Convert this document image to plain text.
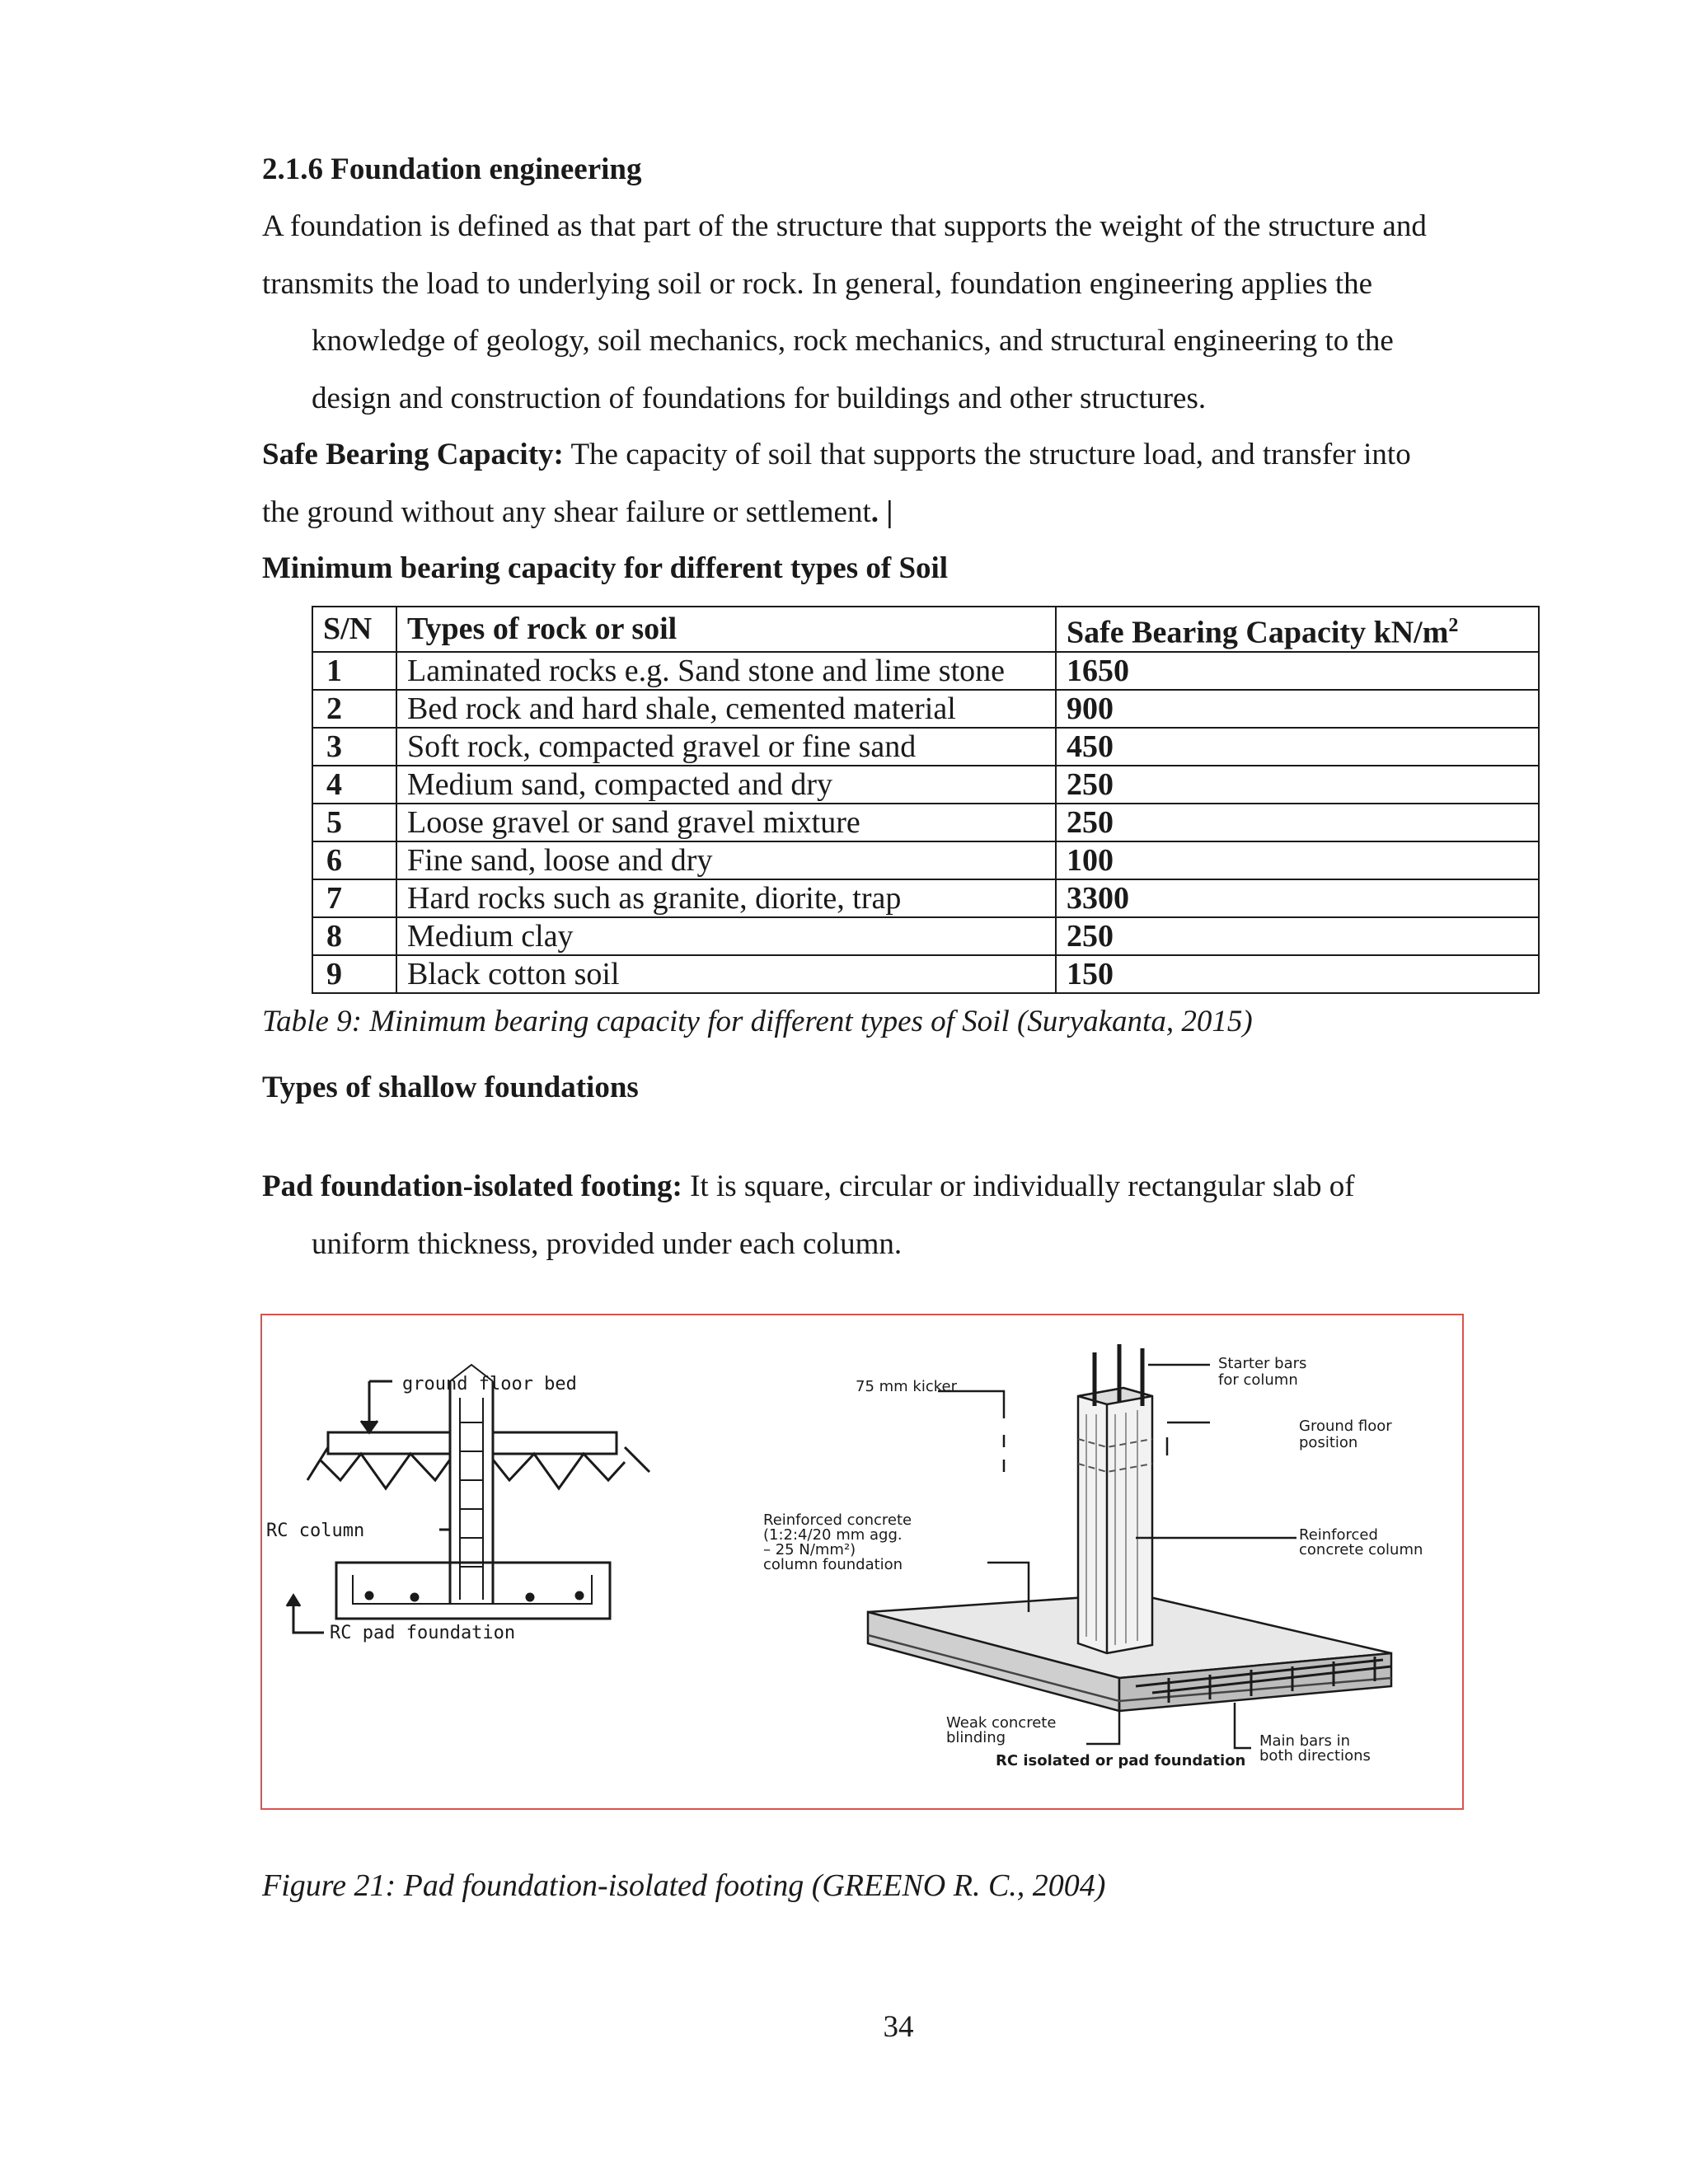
2.1.6 Foundation engineering
A foundation is defined as that part of the structure that supports the weight of the structure and
transmits the load to underlying soil or rock. In general, foundation engineering applies the
knowledge of geology, soil mechanics, rock mechanics, and structural engineering to the
design and construction of foundations for buildings and other structures.
Safe Bearing Capacity: The capacity of soil that supports the structure load, and transfer into
the ground without any shear failure or settlement. |
Minimum bearing capacity for different types of Soil
S/N	Types of rock or soil	Safe Bearing Capacity $kN/m^2$
1	Laminated rocks e.g. Sand stone and lime stone	1650
2	Bed rock and hard shale, cemented material	900
3	Soft rock, compacted gravel or fine sand	450
4	Medium sand, compacted and dry	250
5	Loose gravel or sand gravel mixture	250
6	Fine sand, loose and dry	100
7	Hard rocks such as granite, diorite, trap	3300
8	Medium clay	250
9	Black cotton soil	150
Table 9: Minimum bearing capacity for different types of Soil (Suryakanta, 2015)
Types of shallow foundations
Pad foundation-isolated footing: It is square, circular or individually rectangular slab of
uniform thickness, provided under each column.
ground floor bed
RC column
RC pad foundation
75 mm kicker
Starter bars
for column
Ground floor
position
Reinforced concrete
(1:2:4/20 mm agg.
– 25 N/mm²)
column foundation
Reinforced
concrete column
Weak concrete
blinding	Main bars in
both directions
RC isolated or pad foundation
Figure 21: Pad foundation-isolated footing (GREENO R. C., 2004)
34
